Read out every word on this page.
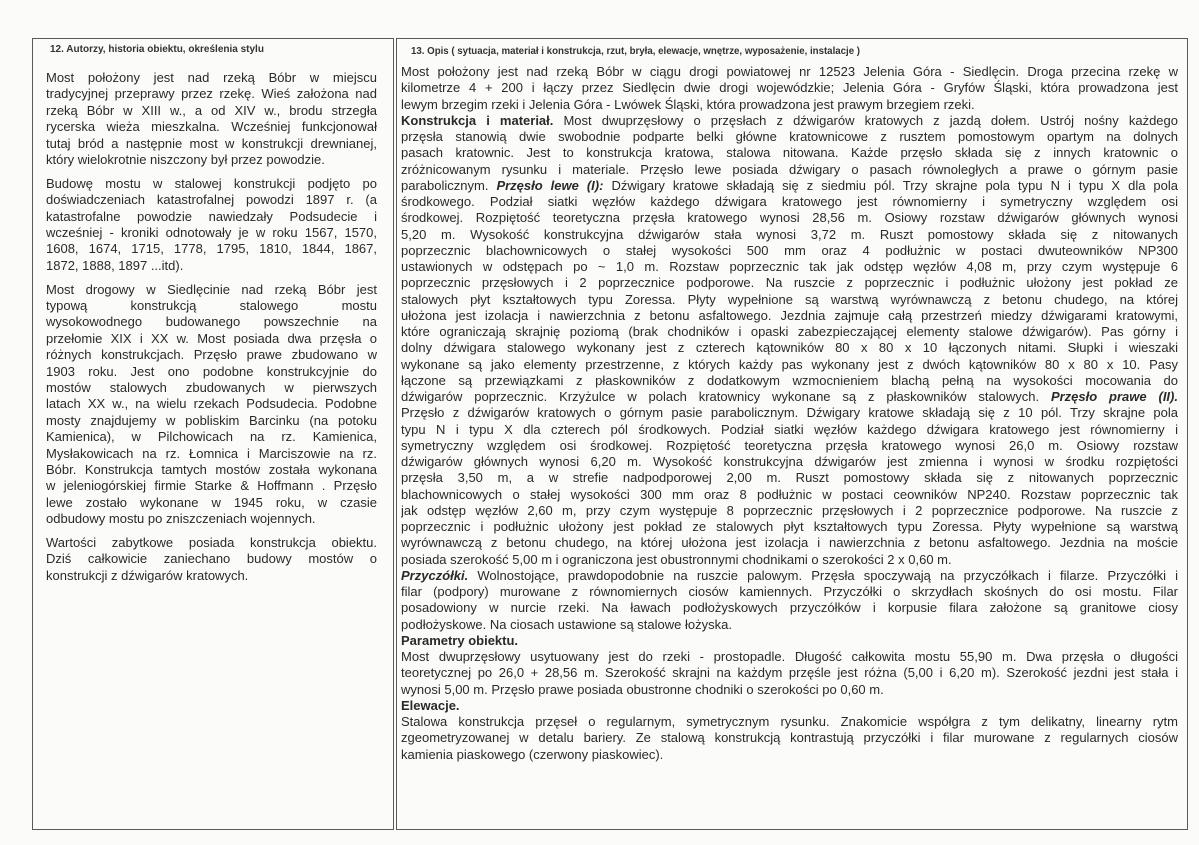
12. Autorzy, historia obiektu, określenia stylu	13. Opis ( sytuacja, materiał i konstrukcja, rzut, bryła, elewacje, wnętrze, wyposażenie, instalacje )
Most położony jest nad rzeką Bóbr w miejscu
tradycyjnej przeprawy przez rzekę. Wieś założona nad
rzeką Bóbr w XIII w., a od XIV w., brodu strzegła
rycerska wieża mieszkalna. Wcześniej funkcjonował
tutaj bród a następnie most w konstrukcji drewnianej,
który wielokrotnie niszczony był przez powodzie.
Budowę mostu w stalowej konstrukcji podjęto po
doświadczeniach katastrofalnej powodzi 1897 r. (a
katastrofalne powodzie nawiedzały Podsudecie i
wcześniej - kroniki odnotowały je w roku 1567, 1570,
1608, 1674, 1715, 1778, 1795, 1810, 1844, 1867,
1872, 1888, 1897 ...itd).
Most drogowy w Siedlęcinie nad rzeką Bóbr jest
typową konstrukcją stalowego mostu
wysokowodnego budowanego powszechnie na
przełomie XIX i XX w. Most posiada dwa przęsła o
różnych konstrukcjach. Przęsło prawe zbudowano w
1903 roku. Jest ono podobne konstrukcyjnie do
mostów stalowych zbudowanych w pierwszych
latach XX w., na wielu rzekach Podsudecia. Podobne
mosty znajdujemy w pobliskim Barcinku (na potoku
Kamienica), w Pilchowicach na rz. Kamienica,
Mysłakowicach na rz. Łomnica i Marciszowie na rz.
Bóbr. Konstrukcja tamtych mostów została wykonana
w jeleniogórskiej firmie Starke & Hoffmann . Przęsło
lewe zostało wykonane w 1945 roku, w czasie
odbudowy mostu po zniszczeniach wojennych.
Wartości zabytkowe posiada konstrukcja obiektu.
Dziś całkowicie zaniechano budowy mostów o
konstrukcji z dźwigarów kratowych.
Most położony jest nad rzeką Bóbr w ciągu drogi powiatowej nr 12523 Jelenia Góra - Siedlęcin. Droga przecina rzekę w
kilometrze 4 + 200 i łączy przez Siedlęcin dwie drogi wojewódzkie; Jelenia Góra - Gryfów Śląski, która prowadzona jest
lewym brzegim rzeki i Jelenia Góra - Lwówek Śląski, która prowadzona jest prawym brzegiem rzeki.
Konstrukcja i materiał. Most dwuprzęsłowy o przęsłach z dźwigarów kratowych z jazdą dołem. Ustrój nośny każdego
przęsła stanowią dwie swobodnie podparte belki główne kratownicowe z rusztem pomostowym opartym na dolnych
pasach kratownic. Jest to konstrukcja kratowa, stalowa nitowana. Każde przęsło składa się z innych kratownic o
zróżnicowanym rysunku i materiale. Przęsło lewe posiada dźwigary o pasach równoległych a prawe o górnym pasie
parabolicznym. Przęsło lewe (I): Dźwigary kratowe składają się z siedmiu pól. Trzy skrajne pola typu N i typu X dla pola
środkowego. Podział siatki węzłów każdego dźwigara kratowego jest równomierny i symetryczny względem osi
środkowej. Rozpiętość teoretyczna przęsła kratowego wynosi 28,56 m. Osiowy rozstaw dźwigarów głównych wynosi
5,20 m. Wysokość konstrukcyjna dźwigarów stała wynosi 3,72 m. Ruszt pomostowy składa się z nitowanych
poprzecznic blachownicowych o stałej wysokości 500 mm oraz 4 podłużnic w postaci dwuteowników NP300
ustawionych w odstępach po ~ 1,0 m. Rozstaw poprzecznic tak jak odstęp węzłów 4,08 m, przy czym występuje 6
poprzecznic przęsłowych i 2 poprzecznice podporowe. Na ruszcie z poprzecznic i podłużnic ułożony jest pokład ze
stalowych płyt kształtowych typu Zoressa. Płyty wypełnione są warstwą wyrównawczą z betonu chudego, na której
ułożona jest izolacja i nawierzchnia z betonu asfaltowego. Jezdnia zajmuje całą przestrzeń miedzy dźwigarami kratowymi,
które ograniczają skrajnię poziomą (brak chodników i opaski zabezpieczającej elementy stalowe dźwigarów). Pas górny i
dolny dźwigara stalowego wykonany jest z czterech kątowników 80 x 80 x 10 łączonych nitami. Słupki i wieszaki
wykonane są jako elementy przestrzenne, z których każdy pas wykonany jest z dwóch kątowników 80 x 80 x 10. Pasy
łączone są przewiązkami z płaskowników z dodatkowym wzmocnieniem blachą pełną na wysokości mocowania do
dźwigarów poprzecznic. Krzyżulce w polach kratownicy wykonane są z płaskowników stalowych. Przęsło prawe (II).
Przęsło z dźwigarów kratowych o górnym pasie parabolicznym. Dźwigary kratowe składają się z 10 pól. Trzy skrajne pola
typu N i typu X dla czterech pól środkowych. Podział siatki węzłów każdego dźwigara kratowego jest równomierny i
symetryczny względem osi środkowej. Rozpiętość teoretyczna przęsła kratowego wynosi 26,0 m. Osiowy rozstaw
dźwigarów głównych wynosi 6,20 m. Wysokość konstrukcyjna dźwigarów jest zmienna i wynosi w środku rozpiętości
przęsła 3,50 m, a w strefie nadpodporowej 2,00 m. Ruszt pomostowy składa się z nitowanych poprzecznic
blachownicowych o stałej wysokości 300 mm oraz 8 podłużnic w postaci ceowników NP240. Rozstaw poprzecznic tak
jak odstęp węzłów 2,60 m, przy czym występuje 8 poprzecznic przęsłowych i 2 poprzecznice podporowe. Na ruszcie z
poprzecznic i podłużnic ułożony jest pokład ze stalowych płyt kształtowych typu Zoressa. Płyty wypełnione są warstwą
wyrównawczą z betonu chudego, na której ułożona jest izolacja i nawierzchnia z betonu asfaltowego. Jezdnia na moście
posiada szerokość 5,00 m i ograniczona jest obustronnymi chodnikami o szerokości 2 x 0,60 m.
Przyczółki. Wolnostojące, prawdopodobnie na ruszcie palowym. Przęsła spoczywają na przyczółkach i filarze. Przyczółki i
filar (podpory) murowane z równomiernych ciosów kamiennych. Przyczółki o skrzydłach skośnych do osi mostu. Filar
posadowiony w nurcie rzeki. Na ławach podłożyskowych przyczółków i korpusie filara założone są granitowe ciosy
podłożyskowe. Na ciosach ustawione są stalowe łożyska.
Parametry obiektu.
Most dwuprzęsłowy usytuowany jest do rzeki - prostopadle. Długość całkowita mostu 55,90 m. Dwa przęsła o długości
teoretycznej po 26,0 + 28,56 m. Szerokość skrajni na każdym przęśle jest różna (5,00 i 6,20 m). Szerokość jezdni jest stała i
wynosi 5,00 m. Przęsło prawe posiada obustronne chodniki o szerokości po 0,60 m.
Elewacje.
Stalowa konstrukcja przęseł o regularnym, symetrycznym rysunku. Znakomicie współgra z tym delikatny, linearny rytm
zgeometryzowanej w detalu bariery. Ze stalową konstrukcją kontrastują przyczółki i filar murowane z regularnych ciosów
kamienia piaskowego (czerwony piaskowiec).
